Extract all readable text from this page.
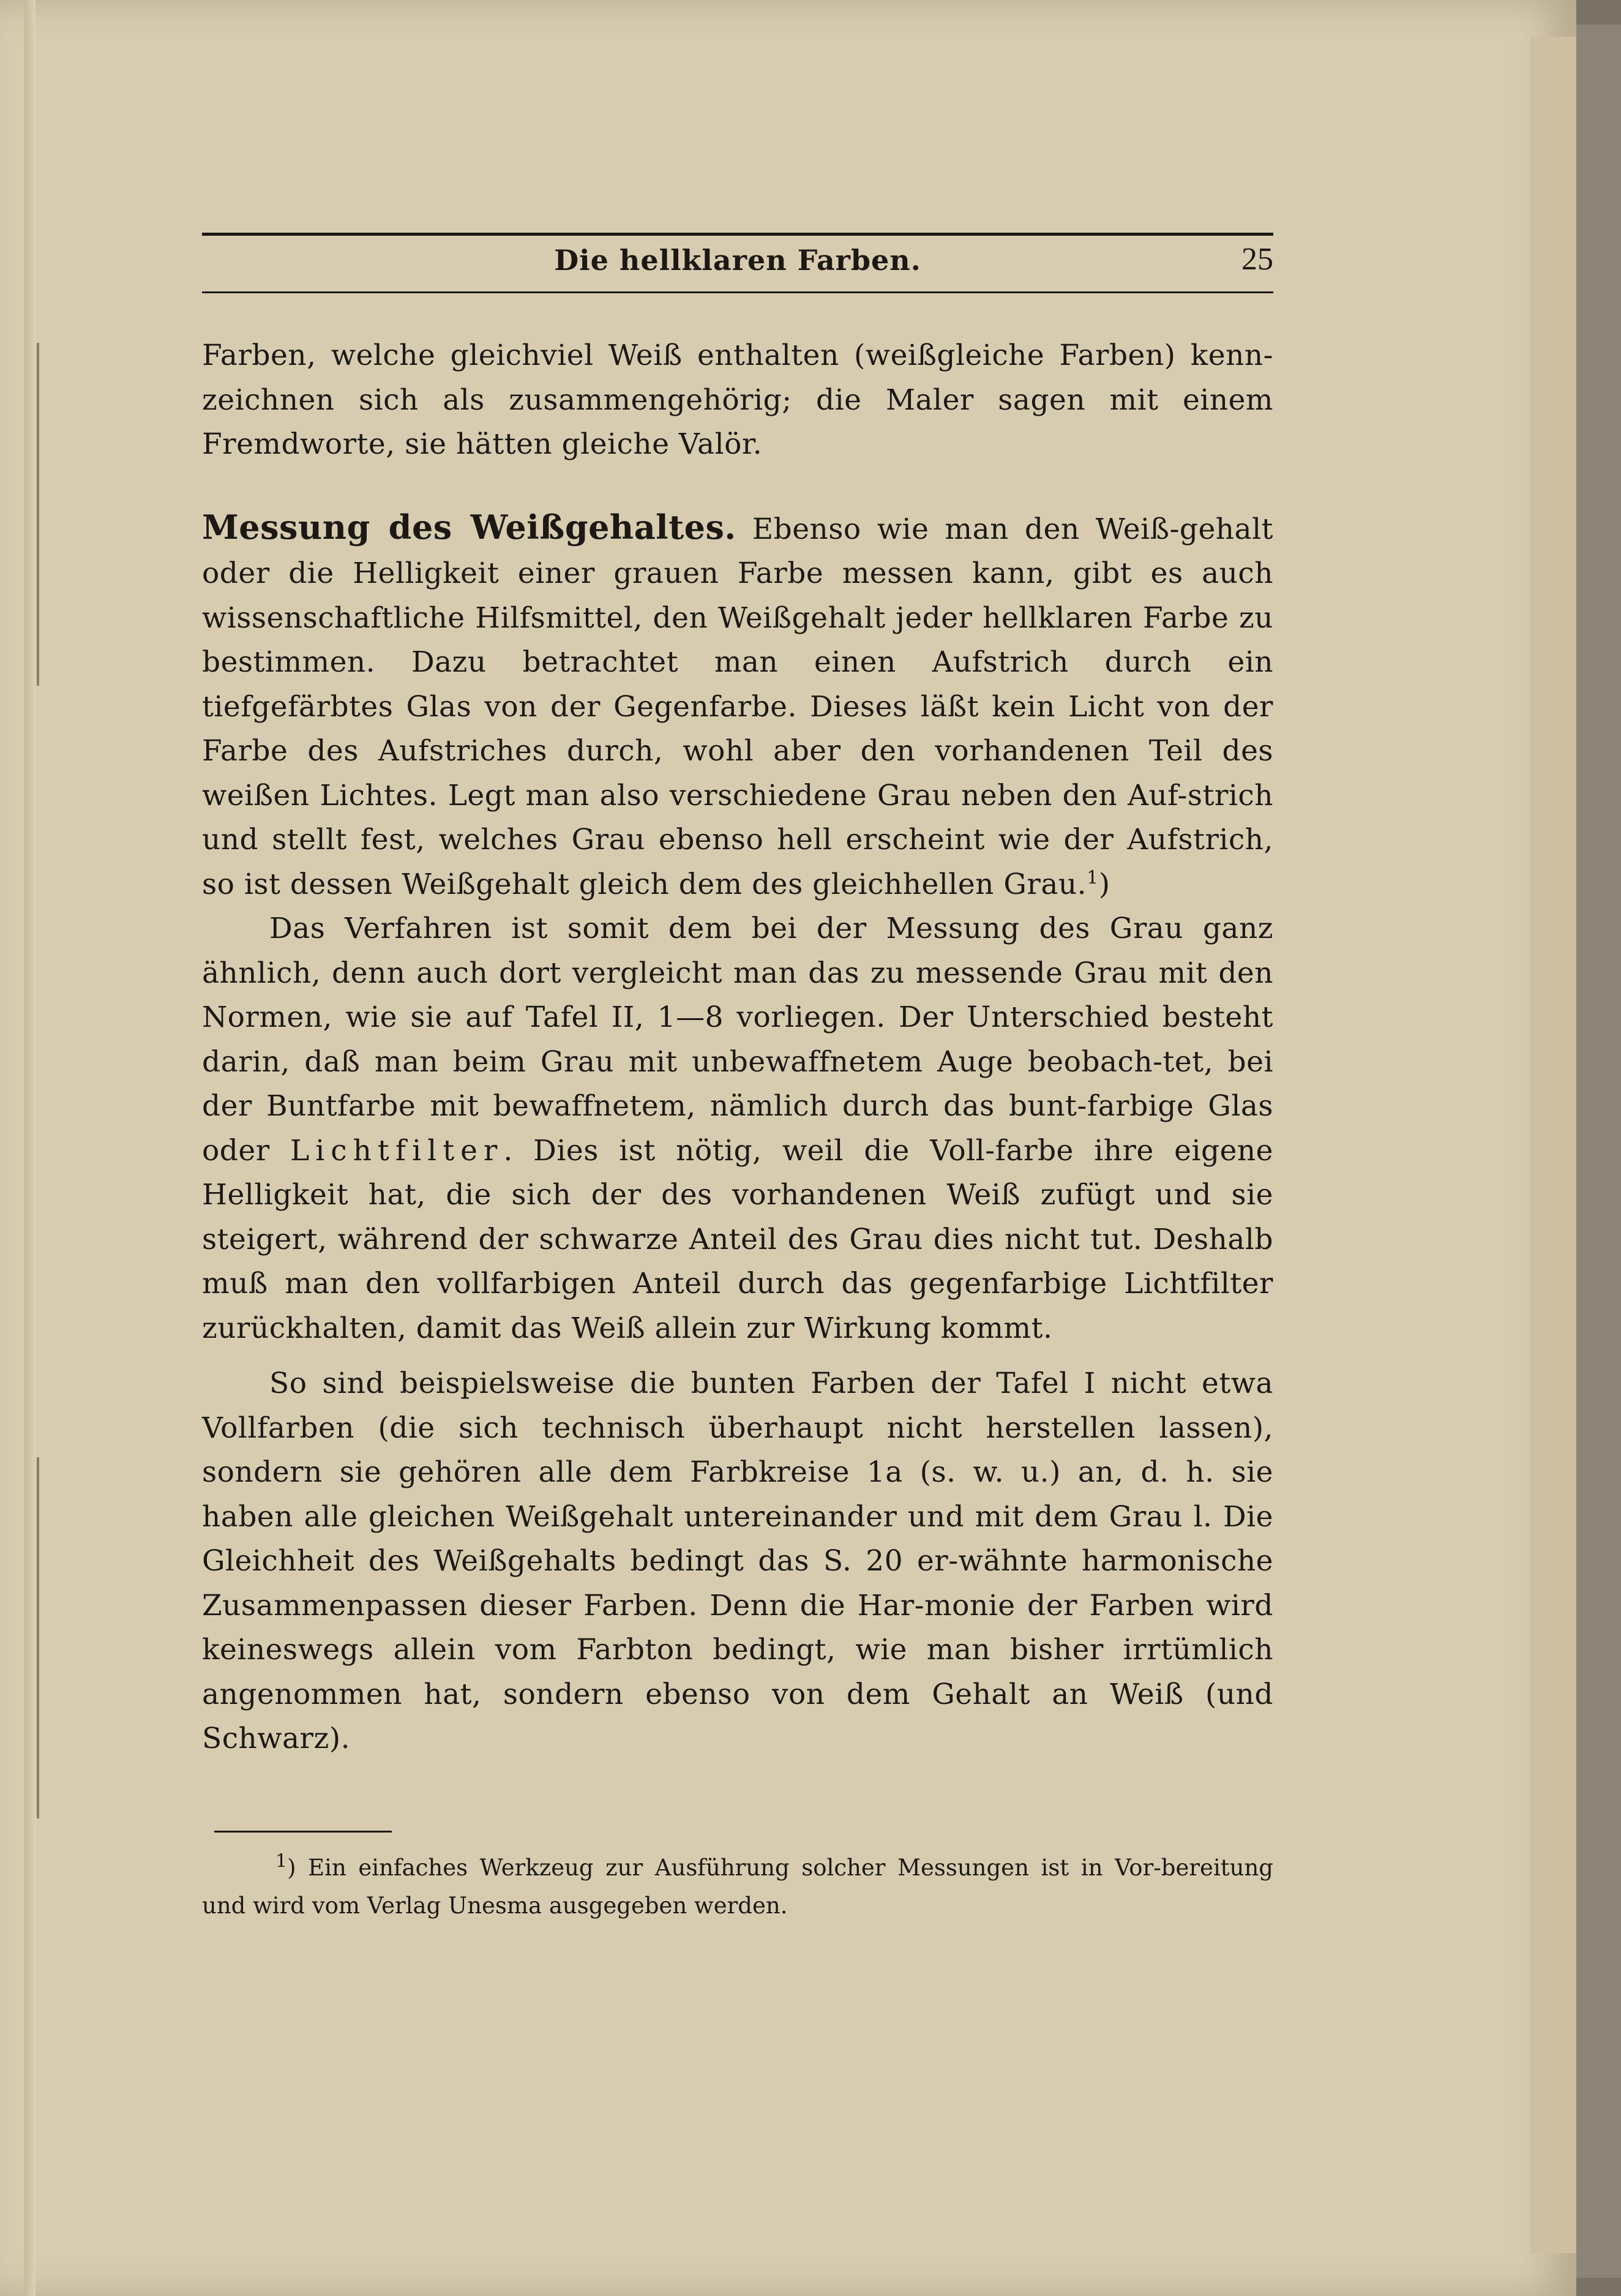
Die hellklaren Farben.	25

Farben, welche gleichviel Weiß enthalten (weißgleiche Farben) kenn-zeichnen sich als zusammengehörig; die Maler sagen mit einem Fremdworte, sie hätten gleiche Valör.

Messung des Weißgehaltes. Ebenso wie man den Weiß-gehalt oder die Helligkeit einer grauen Farbe messen kann, gibt es auch wissenschaftliche Hilfsmittel, den Weißgehalt jeder hellklaren Farbe zu bestimmen. Dazu betrachtet man einen Aufstrich durch ein tiefgefärbtes Glas von der Gegenfarbe. Dieses läßt kein Licht von der Farbe des Aufstriches durch, wohl aber den vorhandenen Teil des weißen Lichtes. Legt man also verschiedene Grau neben den Auf-strich und stellt fest, welches Grau ebenso hell erscheint wie der Aufstrich, so ist dessen Weißgehalt gleich dem des gleichhellen Grau.$^1$)

Das Verfahren ist somit dem bei der Messung des Grau ganz ähnlich, denn auch dort vergleicht man das zu messende Grau mit den Normen, wie sie auf Tafel II, 1—8 vorliegen. Der Unterschied besteht darin, daß man beim Grau mit unbewaffnetem Auge beobach-tet, bei der Buntfarbe mit bewaffnetem, nämlich durch das bunt-farbige Glas oder Lichtfilter. Dies ist nötig, weil die Voll-farbe ihre eigene Helligkeit hat, die sich der des vorhandenen Weiß zufügt und sie steigert, während der schwarze Anteil des Grau dies nicht tut. Deshalb muß man den vollfarbigen Anteil durch das gegenfarbige Lichtfilter zurückhalten, damit das Weiß allein zur Wirkung kommt.

So sind beispielsweise die bunten Farben der Tafel I nicht etwa Vollfarben (die sich technisch überhaupt nicht herstellen lassen), sondern sie gehören alle dem Farbkreise 1a (s. w. u.) an, d. h. sie haben alle gleichen Weißgehalt untereinander und mit dem Grau l. Die Gleichheit des Weißgehalts bedingt das S. 20 er-wähnte harmonische Zusammenpassen dieser Farben. Denn die Har-monie der Farben wird keineswegs allein vom Farbton bedingt, wie man bisher irrtümlich angenommen hat, sondern ebenso von dem Gehalt an Weiß (und Schwarz).

$^1$) Ein einfaches Werkzeug zur Ausführung solcher Messungen ist in Vor-bereitung und wird vom Verlag Unesma ausgegeben werden.
